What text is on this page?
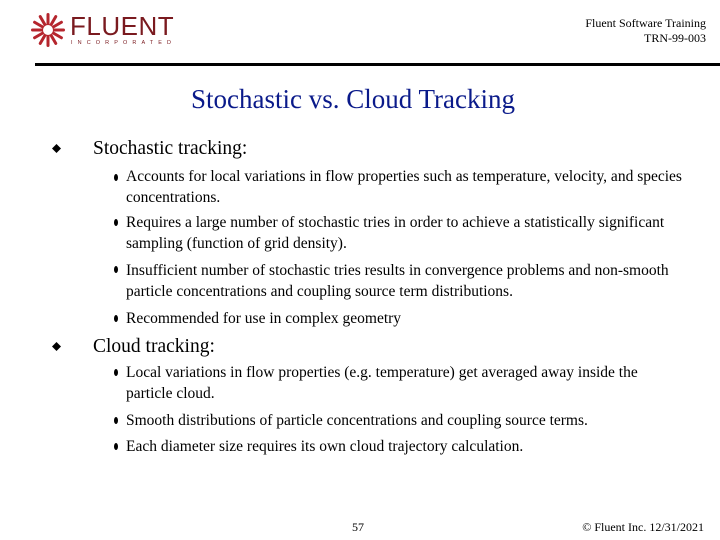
FLUENT
INCORPORATED
Fluent Software Training
TRN-99-003
Stochastic vs. Cloud Tracking
Stochastic tracking:
Accounts for local variations in flow properties such as temperature, velocity, and species concentrations.
Requires a large number of stochastic tries in order to achieve a statistically significant sampling (function of grid density).
Insufficient number of stochastic tries results in convergence problems and non-smooth particle concentrations and coupling source term distributions.
Recommended for use in complex geometry
Cloud tracking:
Local variations in flow properties (e.g. temperature) get averaged away inside the particle cloud.
Smooth distributions of particle concentrations and coupling source terms.
Each diameter size requires its own cloud trajectory calculation.
57	© Fluent Inc. 12/31/2021
